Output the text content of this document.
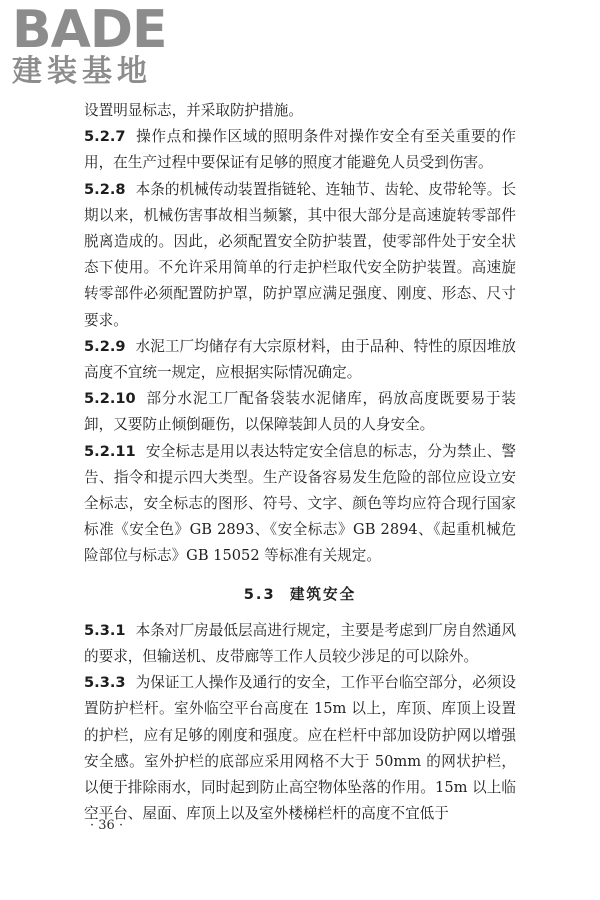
BADE
建装基地

设置明显标志，并采取防护措施。

5.2.7 操作点和操作区域的照明条件对操作安全有至关重要的作用，在生产过程中要保证有足够的照度才能避免人员受到伤害。

5.2.8 本条的机械传动装置指链轮、连轴节、齿轮、皮带轮等。长期以来，机械伤害事故相当频繁，其中很大部分是高速旋转零部件脱离造成的。因此，必须配置安全防护装置，使零部件处于安全状态下使用。不允许采用简单的行走护栏取代安全防护装置。高速旋转零部件必须配置防护罩，防护罩应满足强度、刚度、形态、尺寸要求。

5.2.9 水泥工厂均储存有大宗原材料，由于品种、特性的原因堆放高度不宜统一规定，应根据实际情况确定。

5.2.10 部分水泥工厂配备袋装水泥储库，码放高度既要易于装卸，又要防止倾倒砸伤，以保障装卸人员的人身安全。

5.2.11 安全标志是用以表达特定安全信息的标志，分为禁止、警告、指令和提示四大类型。生产设备容易发生危险的部位应设立安全标志，安全标志的图形、符号、文字、颜色等均应符合现行国家标准《安全色》GB 2893、《安全标志》GB 2894、《起重机械危险部位与标志》GB 15052 等标准有关规定。

5.3 建筑安全

5.3.1 本条对厂房最低层高进行规定，主要是考虑到厂房自然通风的要求，但输送机、皮带廊等工作人员较少涉足的可以除外。

5.3.3 为保证工人操作及通行的安全，工作平台临空部分，必须设置防护栏杆。室外临空平台高度在 15m 以上，库顶、库顶上设置的护栏，应有足够的刚度和强度。应在栏杆中部加设防护网以增强安全感。室外护栏的底部应采用网格不大于 50mm 的网状护栏，以便于排除雨水，同时起到防止高空物体坠落的作用。15m 以上临空平台、屋面、库顶上以及室外楼梯栏杆的高度不宜低于

· 36 ·
